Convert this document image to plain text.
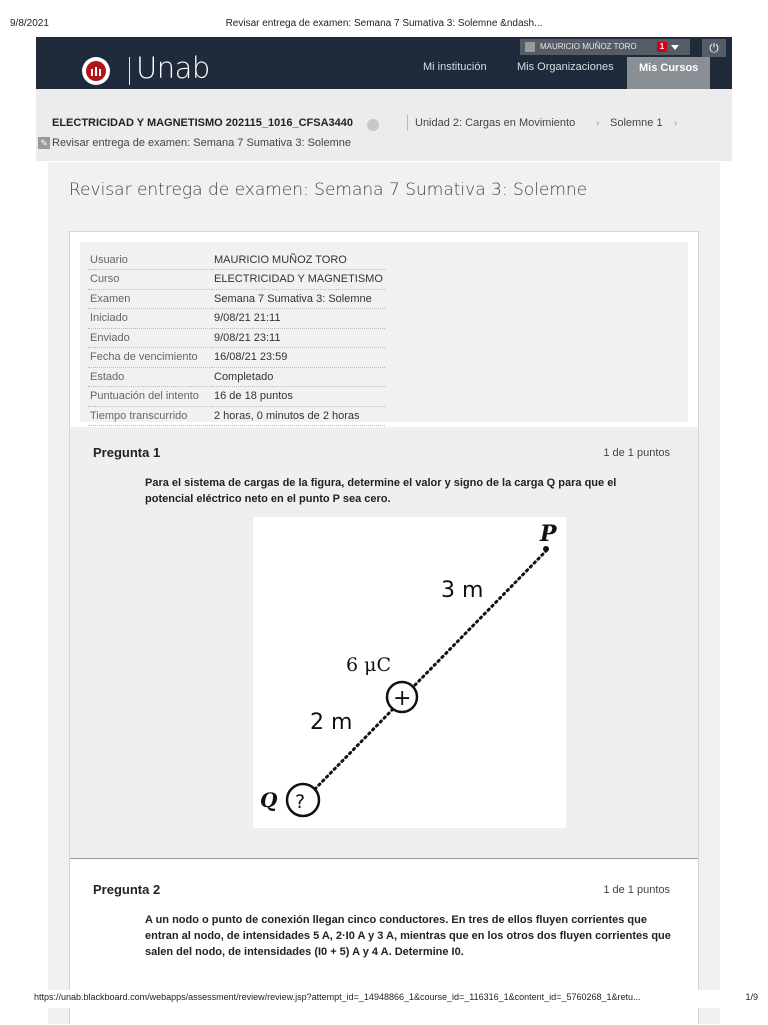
9/8/2021	Revisar entrega de examen: Semana 7 Sumativa 3: Solemne &ndash...
Unab
MAURICIO MUÑOZ TORO	1	⏻
Mi institución	Mis Organizaciones	Mis Cursos
ELECTRICIDAD Y MAGNETISMO 202115_1016_CFSA3440	Unidad 2: Cargas en Movimiento › Solemne 1 ›
✎ Revisar entrega de examen: Semana 7 Sumativa 3: Solemne
Revisar entrega de examen: Semana 7 Sumativa 3: Solemne
Usuario	MAURICIO MUÑOZ TORO
Curso	ELECTRICIDAD Y MAGNETISMO
Examen	Semana 7 Sumativa 3: Solemne
Iniciado	9/08/21 21:11
Enviado	9/08/21 23:11
Fecha de vencimiento	16/08/21 23:59
Estado	Completado
Puntuación del intento	16 de 18 puntos
Tiempo transcurrido	2 horas, 0 minutos de 2 horas
Pregunta 1	1 de 1 puntos
Para el sistema de cargas de la figura, determine el valor y signo de la carga Q para que el potencial eléctrico neto en el punto P sea cero.
P
3 m
6 μC
+
2 m
?
Q
Pregunta 2	1 de 1 puntos
A un nodo o punto de conexión llegan cinco conductores. En tres de ellos fluyen corrientes que entran al nodo, de intensidades 5 A, 2·I0 A y 3 A, mientras que en los otros dos fluyen corrientes que salen del nodo, de intensidades (I0 + 5) A y 4 A. Determine I0.
https://unab.blackboard.com/webapps/assessment/review/review.jsp?attempt_id=_14948866_1&course_id=_116316_1&content_id=_5760268_1&retu...	1/9
